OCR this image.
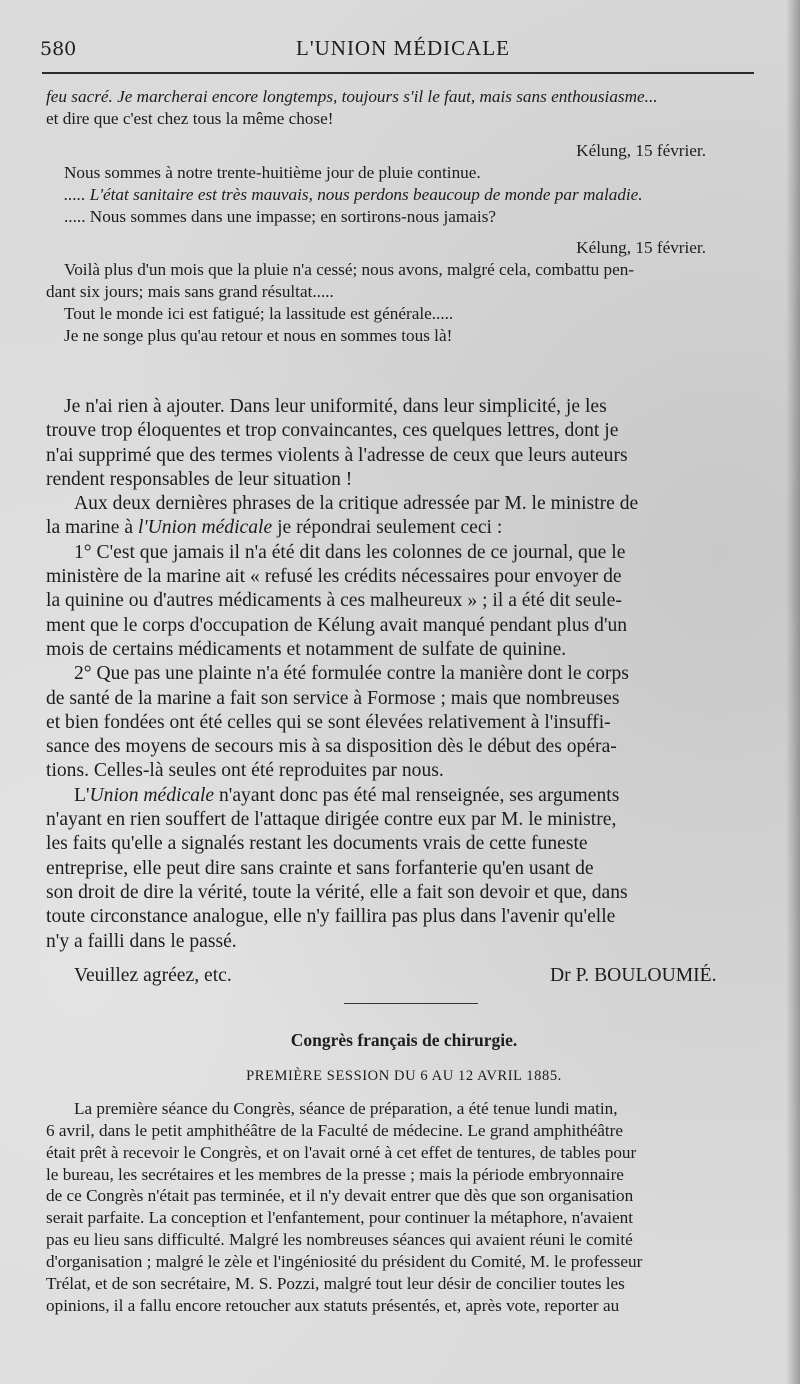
580	L'UNION MÉDICALE
feu sacré. Je marcherai encore longtemps, toujours s'il le faut, mais sans enthousiasme...
et dire que c'est chez tous la même chose!
Kélung, 15 février.
Nous sommes à notre trente-huitième jour de pluie continue.
..... L'état sanitaire est très mauvais, nous perdons beaucoup de monde par maladie.
..... Nous sommes dans une impasse; en sortirons-nous jamais?
Kélung, 15 février.
Voilà plus d'un mois que la pluie n'a cessé; nous avons, malgré cela, combattu pen-
dant six jours; mais sans grand résultat.....
Tout le monde ici est fatigué; la lassitude est générale.....
Je ne songe plus qu'au retour et nous en sommes tous là!
Je n'ai rien à ajouter. Dans leur uniformité, dans leur simplicité, je les
trouve trop éloquentes et trop convaincantes, ces quelques lettres, dont je
n'ai supprimé que des termes violents à l'adresse de ceux que leurs auteurs
rendent responsables de leur situation !
Aux deux dernières phrases de la critique adressée par M. le ministre de
la marine à l'Union médicale je répondrai seulement ceci :
1° C'est que jamais il n'a été dit dans les colonnes de ce journal, que le
ministère de la marine ait « refusé les crédits nécessaires pour envoyer de
la quinine ou d'autres médicaments à ces malheureux » ; il a été dit seule-
ment que le corps d'occupation de Kélung avait manqué pendant plus d'un
mois de certains médicaments et notamment de sulfate de quinine.
2° Que pas une plainte n'a été formulée contre la manière dont le corps
de santé de la marine a fait son service à Formose ; mais que nombreuses
et bien fondées ont été celles qui se sont élevées relativement à l'insuffi-
sance des moyens de secours mis à sa disposition dès le début des opéra-
tions. Celles-là seules ont été reproduites par nous.
L'Union médicale n'ayant donc pas été mal renseignée, ses arguments
n'ayant en rien souffert de l'attaque dirigée contre eux par M. le ministre,
les faits qu'elle a signalés restant les documents vrais de cette funeste
entreprise, elle peut dire sans crainte et sans forfanterie qu'en usant de
son droit de dire la vérité, toute la vérité, elle a fait son devoir et que, dans
toute circonstance analogue, elle n'y faillira pas plus dans l'avenir qu'elle
n'y a failli dans le passé.
Veuillez agréez, etc.	Dr P. BOULOUMIÉ.
Congrès français de chirurgie.
PREMIÈRE SESSION DU 6 AU 12 AVRIL 1885.
La première séance du Congrès, séance de préparation, a été tenue lundi matin,
6 avril, dans le petit amphithéâtre de la Faculté de médecine. Le grand amphithéâtre
était prêt à recevoir le Congrès, et on l'avait orné à cet effet de tentures, de tables pour
le bureau, les secrétaires et les membres de la presse ; mais la période embryonnaire
de ce Congrès n'était pas terminée, et il n'y devait entrer que dès que son organisation
serait parfaite. La conception et l'enfantement, pour continuer la métaphore, n'avaient
pas eu lieu sans difficulté. Malgré les nombreuses séances qui avaient réuni le comité
d'organisation ; malgré le zèle et l'ingéniosité du président du Comité, M. le professeur
Trélat, et de son secrétaire, M. S. Pozzi, malgré tout leur désir de concilier toutes les
opinions, il a fallu encore retoucher aux statuts présentés, et, après vote, reporter au
